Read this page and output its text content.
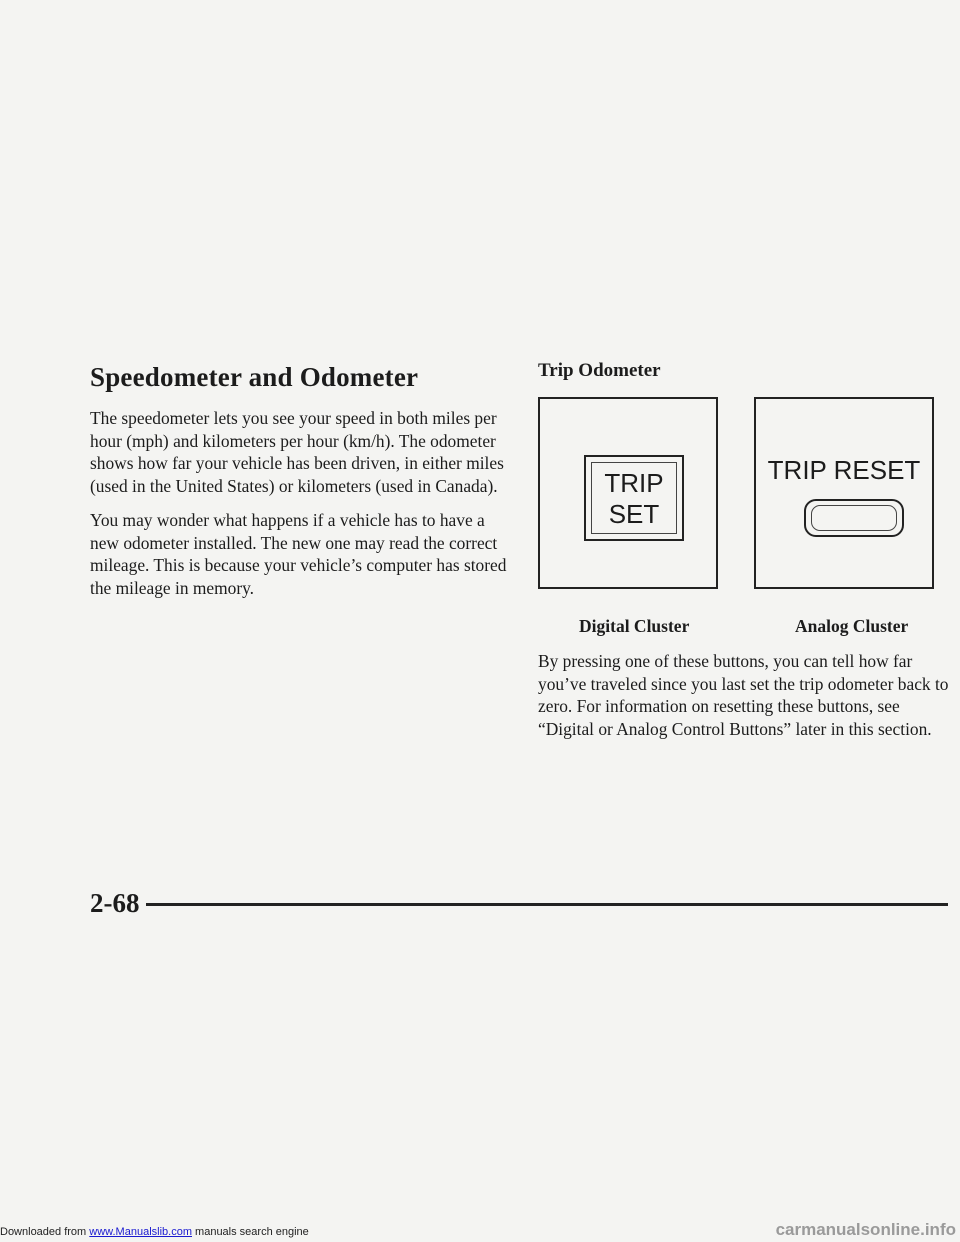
Speedometer and Odometer

The speedometer lets you see your speed in both miles per hour (mph) and kilometers per hour (km/h). The odometer shows how far your vehicle has been driven, in either miles (used in the United States) or kilometers (used in Canada).

You may wonder what happens if a vehicle has to have a new odometer installed. The new one may read the correct mileage. This is because your vehicle’s computer has stored the mileage in memory.

Trip Odometer
TRIP
SET
TRIP RESET
Digital Cluster	Analog Cluster

By pressing one of these buttons, you can tell how far you’ve traveled since you last set the trip odometer back to zero. For information on resetting these buttons, see “Digital or Analog Control Buttons” later in this section.

2-68
Downloaded from www.Manualslib.com manuals search engine	carmanualsonline.info
